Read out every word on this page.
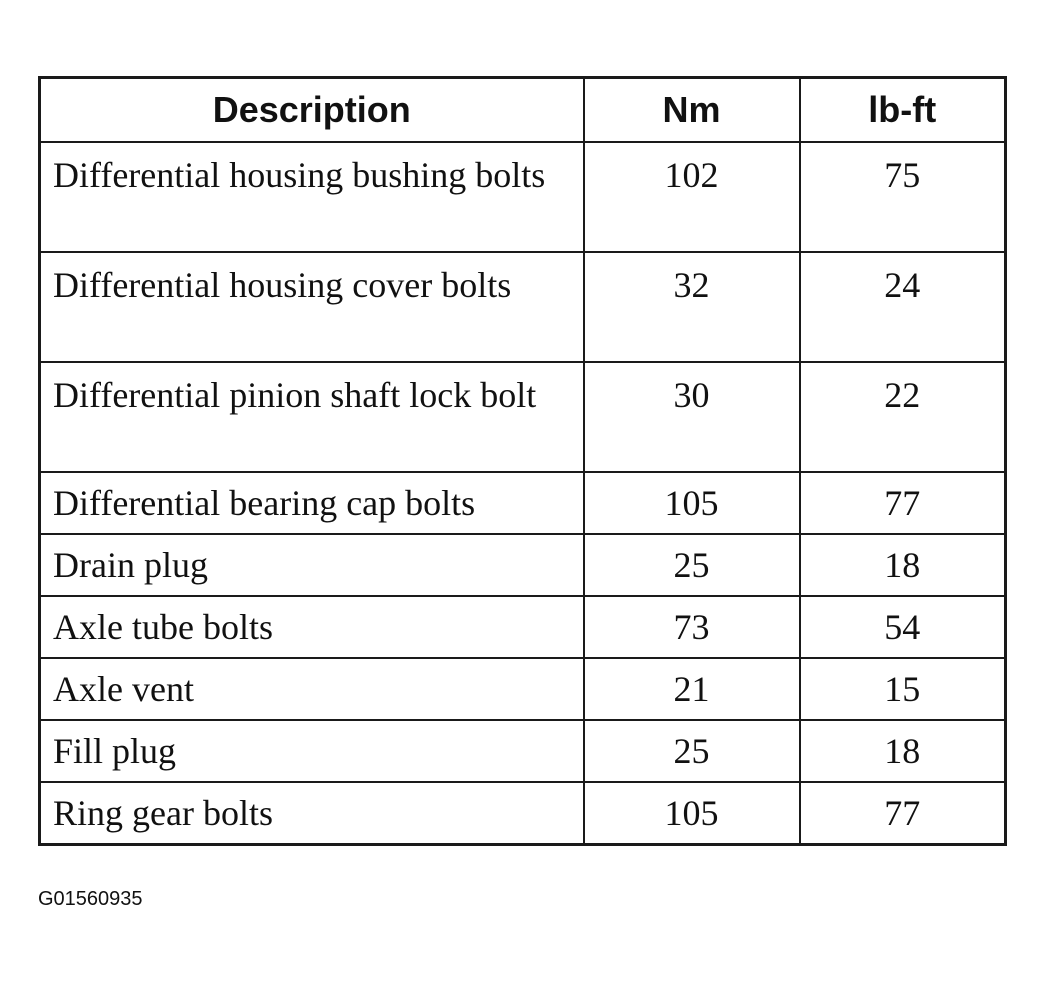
Description	Nm	lb-ft
Differential housing bushing bolts	102	75
Differential housing cover bolts	32	24
Differential pinion shaft lock bolt	30	22
Differential bearing cap bolts	105	77
Drain plug	25	18
Axle tube bolts	73	54
Axle vent	21	15
Fill plug	25	18
Ring gear bolts	105	77
G01560935
